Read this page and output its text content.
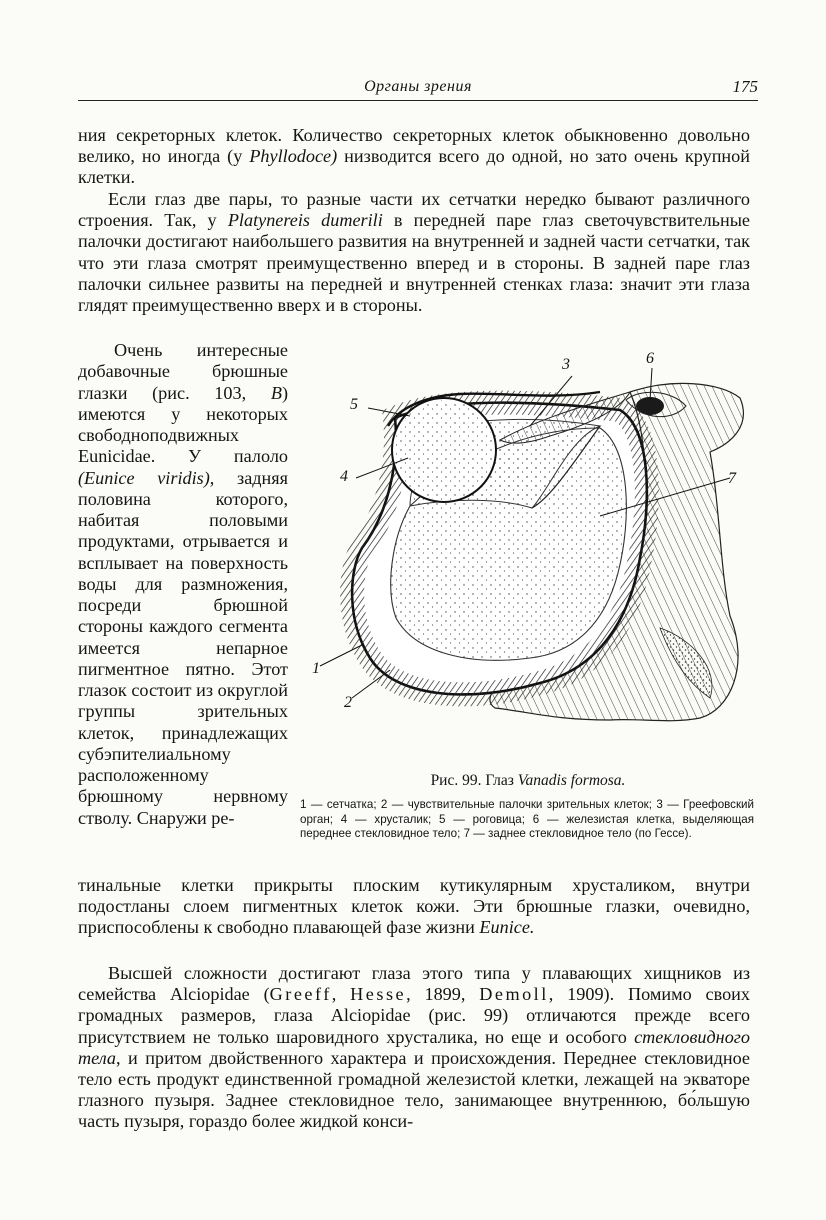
Органы зрения	175

ния секреторных клеток. Количество секреторных клеток обыкновенно довольно велико, но иногда (у Phyllodoce) низводится всего до одной, но зато очень крупной клетки.

Если глаз две пары, то разные части их сетчатки нередко бывают различного строения. Так, у Platynereis dumerili в передней паре глаз светочувствительные палочки достигают наибольшего развития на внутренней и задней части сетчатки, так что эти глаза смотрят преимущественно вперед и в стороны. В задней паре глаз палочки сильнее развиты на передней и внутренней стенках глаза: значит эти глаза глядят преимущественно вверх и в стороны.

Очень интересные добавочные брюшные глазки (рис. 103, B) имеются у некоторых свободноподвижных Eunicidae. У палоло (Eunice viridis), задняя половина которого, набитая половыми продуктами, отрывается и всплывает на поверхность воды для размножения, посреди брюшной стороны каждого сегмента имеется непарное пигментное пятно. Этот глазок состоит из округлой группы зрительных клеток, принадлежащих субэпителиальному расположенному брюшному нервному стволу. Снаружи ре-

тинальные клетки прикрыты плоским кутикулярным хрусталиком, внутри подостланы слоем пигментных клеток кожи. Эти брюшные глазки, очевидно, приспособлены к свободно плавающей фазе жизни Eunice.

Высшей сложности достигают глаза этого типа у плавающих хищников из семейства Alciopidae (Greeff, Hesse, 1899, Demoll, 1909). Помимо своих громадных размеров, глаза Alciopidae (рис. 99) отличаются прежде всего присутствием не только шаровидного хрусталика, но еще и особого стекловидного тела, и притом двойственного характера и происхождения. Переднее стекловидное тело есть продукт единственной громадной железистой клетки, лежащей на экваторе глазного пузыря. Заднее стекловидное тело, занимающее внутреннюю, бо́льшую часть пузыря, гораздо более жидкой конси-

3	6
5
4	7
1
2
Рис. 99. Глаз Vanadis formosa.
1 — сетчатка; 2 — чувствительные палочки зрительных клеток; 3 — Греефовский орган; 4 — хрусталик; 5 — роговица; 6 — железистая клетка, выделяющая переднее стекловидное тело; 7 — заднее стекловидное тело (по Гессе).
